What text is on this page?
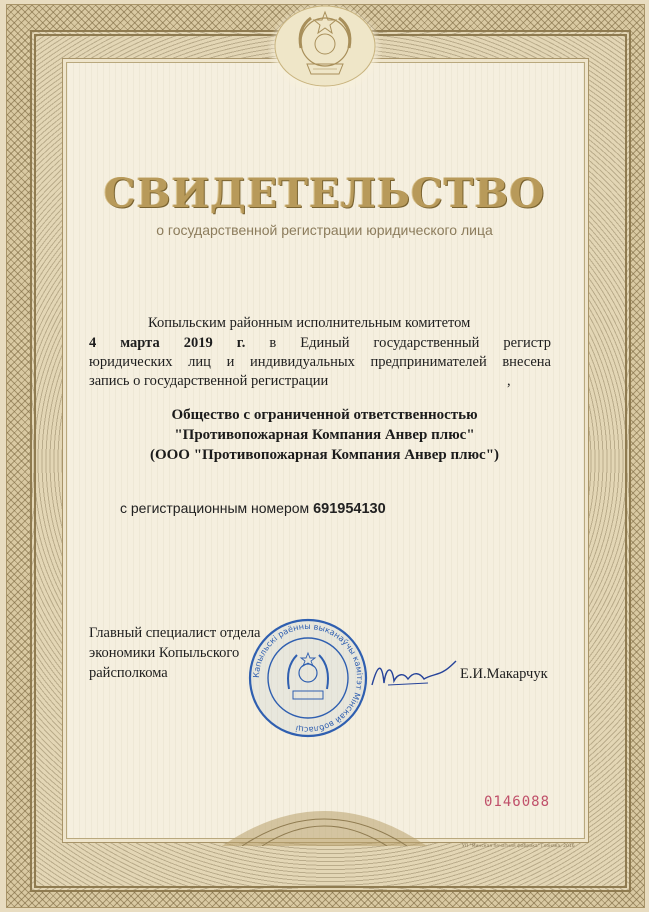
СВИДЕТЕЛЬСТВО
о государственной регистрации юридического лица
Копыльским районным исполнительным комитетом
4 марта 2019 г. в Единый государственный регистр
юридических лиц и индивидуальных предпринимателей внесена
запись о государственной регистрации	,
Общество с ограниченной ответственностью
"Противопожарная Компания Анвер плюс"
(ООО "Противопожарная Компания Анвер плюс")
с регистрационным номером 691954130
Главный специалист отдела
экономики Копыльского
райсполкома	Капыльскі раённы выканаўчы камітэт Мінскай вобласці
Е.И.Макарчук
0146088
УП "Минская печатная фабрика" Гознака, 2016
